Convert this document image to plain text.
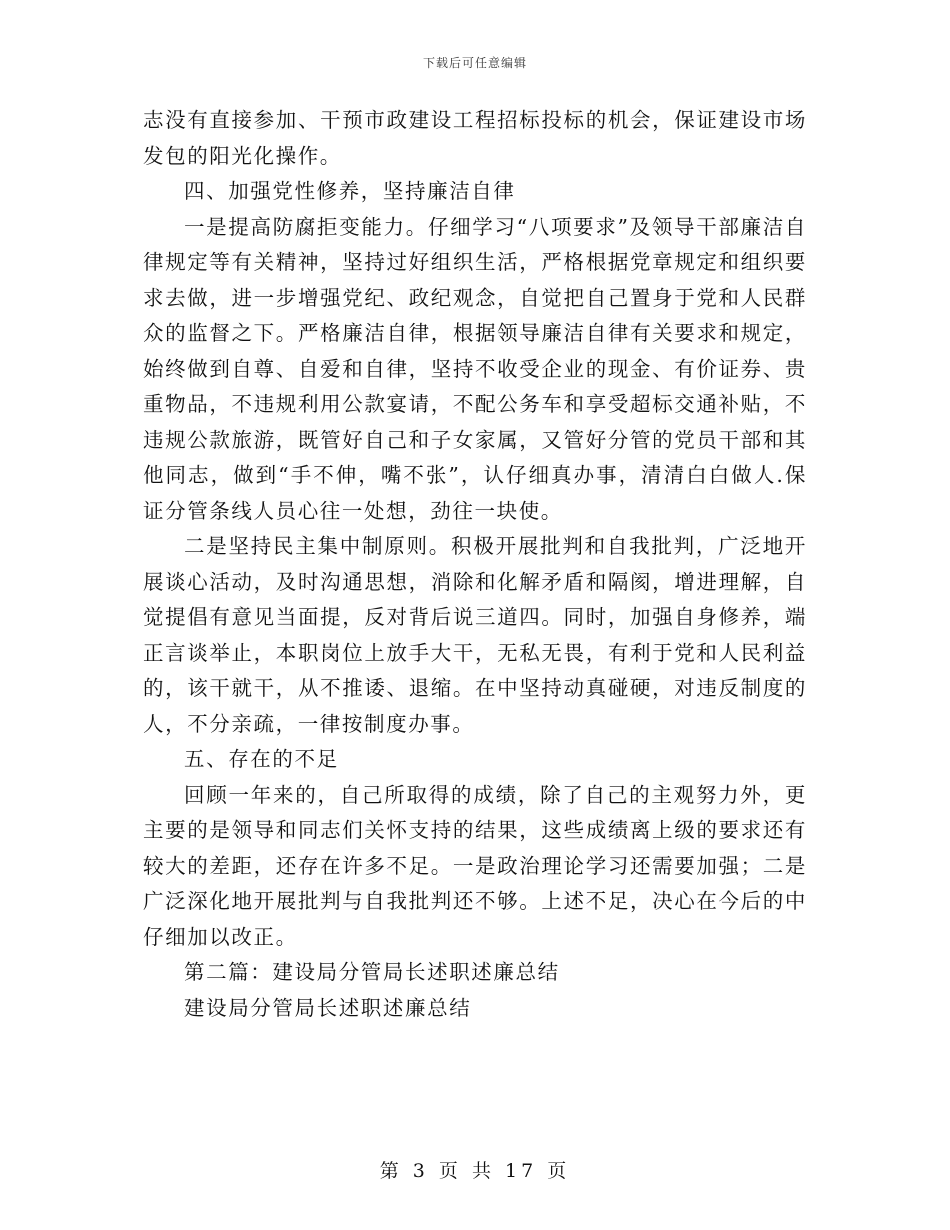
下载后可任意编辑

志没有直接参加、干预市政建设工程招标投标的机会，保证建设市场发包的阳光化操作。

四、加强党性修养，坚持廉洁自律

一是提高防腐拒变能力。仔细学习“八项要求”及领导干部廉洁自律规定等有关精神，坚持过好组织生活，严格根据党章规定和组织要求去做，进一步增强党纪、政纪观念，自觉把自己置身于党和人民群众的监督之下。严格廉洁自律，根据领导廉洁自律有关要求和规定，始终做到自尊、自爱和自律，坚持不收受企业的现金、有价证券、贵重物品，不违规利用公款宴请，不配公务车和享受超标交通补贴，不违规公款旅游，既管好自己和子女家属，又管好分管的党员干部和其他同志，做到“手不伸，嘴不张”，认仔细真办事，清清白白做人.保证分管条线人员心往一处想，劲往一块使。

二是坚持民主集中制原则。积极开展批判和自我批判，广泛地开展谈心活动，及时沟通思想，消除和化解矛盾和隔阂，增进理解，自觉提倡有意见当面提，反对背后说三道四。同时，加强自身修养，端正言谈举止，本职岗位上放手大干，无私无畏，有利于党和人民利益的，该干就干，从不推诿、退缩。在中坚持动真碰硬，对违反制度的人，不分亲疏，一律按制度办事。

五、存在的不足

回顾一年来的，自己所取得的成绩，除了自己的主观努力外，更主要的是领导和同志们关怀支持的结果，这些成绩离上级的要求还有较大的差距，还存在许多不足。一是政治理论学习还需要加强；二是广泛深化地开展批判与自我批判还不够。上述不足，决心在今后的中仔细加以改正。

第二篇：建设局分管局长述职述廉总结

建设局分管局长述职述廉总结

第 3 页 共 17 页
